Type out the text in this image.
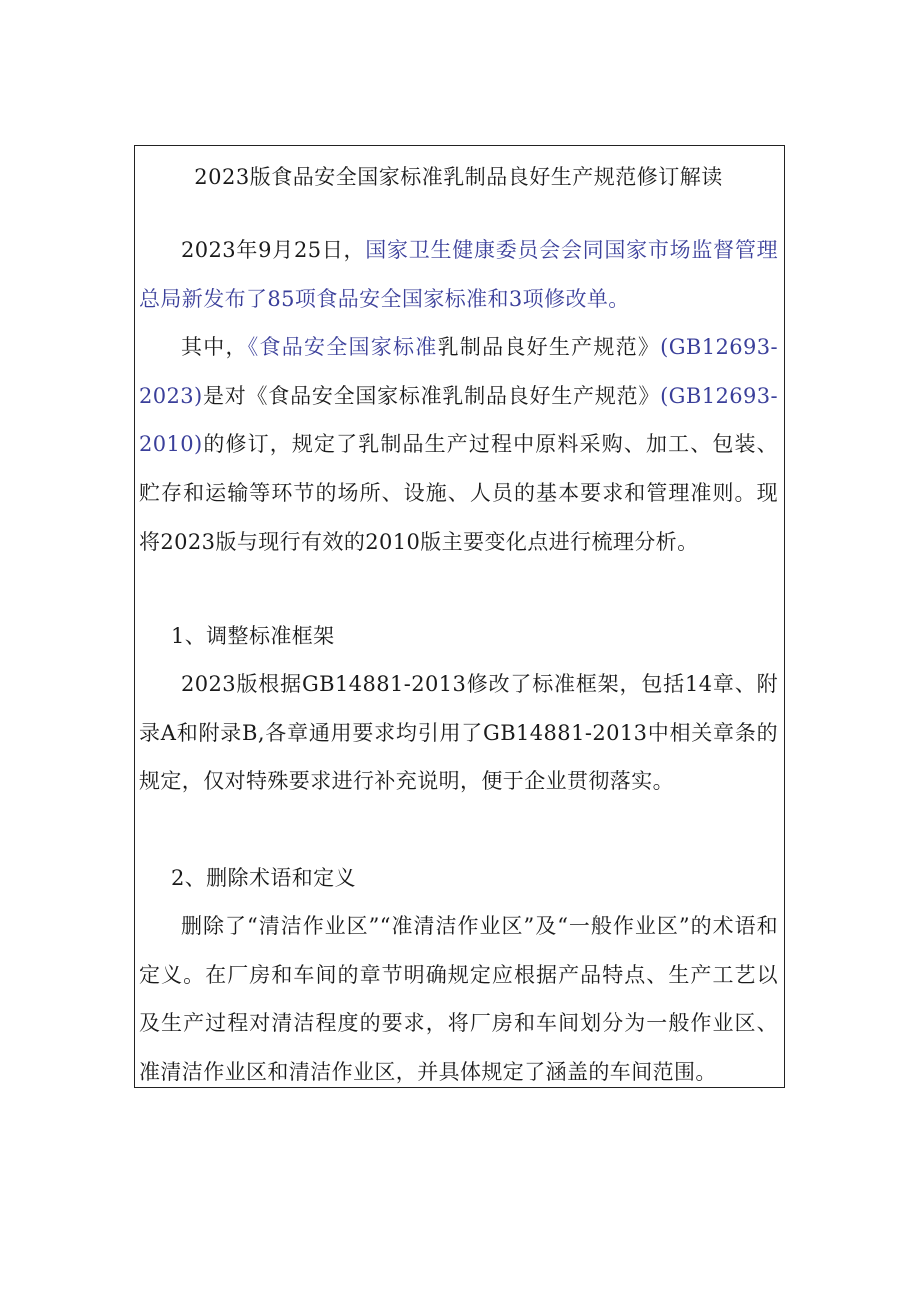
2023版食品安全国家标准乳制品良好生产规范修订解读

2023年9月25日，国家卫生健康委员会会同国家市场监督管理总局新发布了85项食品安全国家标准和3项修改单。

其中，《食品安全国家标准乳制品良好生产规范》(GB12693-2023)是对《食品安全国家标准乳制品良好生产规范》(GB12693-2010)的修订，规定了乳制品生产过程中原料采购、加工、包装、贮存和运输等环节的场所、设施、人员的基本要求和管理准则。现将2023版与现行有效的2010版主要变化点进行梳理分析。

1、调整标准框架

2023版根据GB14881-2013修改了标准框架，包括14章、附录A和附录B,各章通用要求均引用了GB14881-2013中相关章条的规定，仅对特殊要求进行补充说明，便于企业贯彻落实。

2、删除术语和定义

删除了“清洁作业区”“准清洁作业区”及“一般作业区”的术语和定义。在厂房和车间的章节明确规定应根据产品特点、生产工艺以及生产过程对清洁程度的要求，将厂房和车间划分为一般作业区、准清洁作业区和清洁作业区，并具体规定了涵盖的车间范围。
